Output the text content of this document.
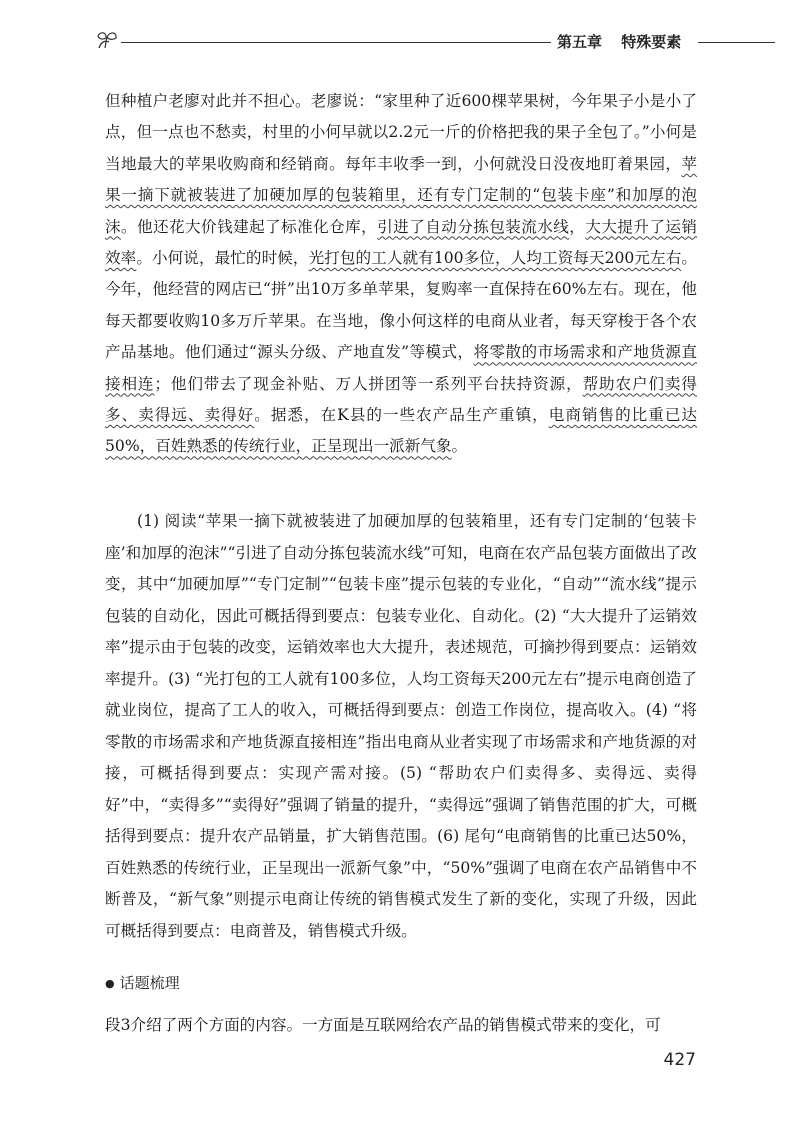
第五章 特殊要素
但种植户老廖对此并不担心。老廖说：“家里种了近600棵苹果树，今年果子小是小了点，但一点也不愁卖，村里的小何早就以2.2元一斤的价格把我的果子全包了。”小何是当地最大的苹果收购商和经销商。每年丰收季一到，小何就没日没夜地盯着果园，苹果一摘下就被装进了加硬加厚的包装箱里，还有专门定制的“包装卡座”和加厚的泡沫。他还花大价钱建起了标准化仓库，引进了自动分拣包装流水线，大大提升了运销效率。小何说，最忙的时候，光打包的工人就有100多位，人均工资每天200元左右。今年，他经营的网店已“拼”出10万多单苹果，复购率一直保持在60%左右。现在，他每天都要收购10多万斤苹果。在当地，像小何这样的电商从业者，每天穿梭于各个农产品基地。他们通过“源头分级、产地直发”等模式，将零散的市场需求和产地货源直接相连；他们带去了现金补贴、万人拼团等一系列平台扶持资源，帮助农户们卖得多、卖得远、卖得好。据悉，在K县的一些农产品生产重镇，电商销售的比重已达50%，百姓熟悉的传统行业，正呈现出一派新气象。
(1) 阅读“苹果一摘下就被装进了加硬加厚的包装箱里，还有专门定制的‘包装卡座’和加厚的泡沫”“引进了自动分拣包装流水线”可知，电商在农产品包装方面做出了改变，其中“加硬加厚”“专门定制”“包装卡座”提示包装的专业化，“自动”“流水线”提示包装的自动化，因此可概括得到要点：包装专业化、自动化。(2) “大大提升了运销效率”提示由于包装的改变，运销效率也大大提升，表述规范，可摘抄得到要点：运销效率提升。(3) “光打包的工人就有100多位，人均工资每天200元左右”提示电商创造了就业岗位，提高了工人的收入，可概括得到要点：创造工作岗位，提高收入。(4) “将零散的市场需求和产地货源直接相连”指出电商从业者实现了市场需求和产地货源的对接，可概括得到要点：实现产需对接。(5) “帮助农户们卖得多、卖得远、卖得好”中，“卖得多”“卖得好”强调了销量的提升，“卖得远”强调了销售范围的扩大，可概括得到要点：提升农产品销量，扩大销售范围。(6) 尾句“电商销售的比重已达50%，百姓熟悉的传统行业，正呈现出一派新气象”中，“50%”强调了电商在农产品销售中不断普及，“新气象”则提示电商让传统的销售模式发生了新的变化，实现了升级，因此可概括得到要点：电商普及，销售模式升级。
● 话题梳理
段3介绍了两个方面的内容。一方面是互联网给农产品的销售模式带来的变化，可
427
